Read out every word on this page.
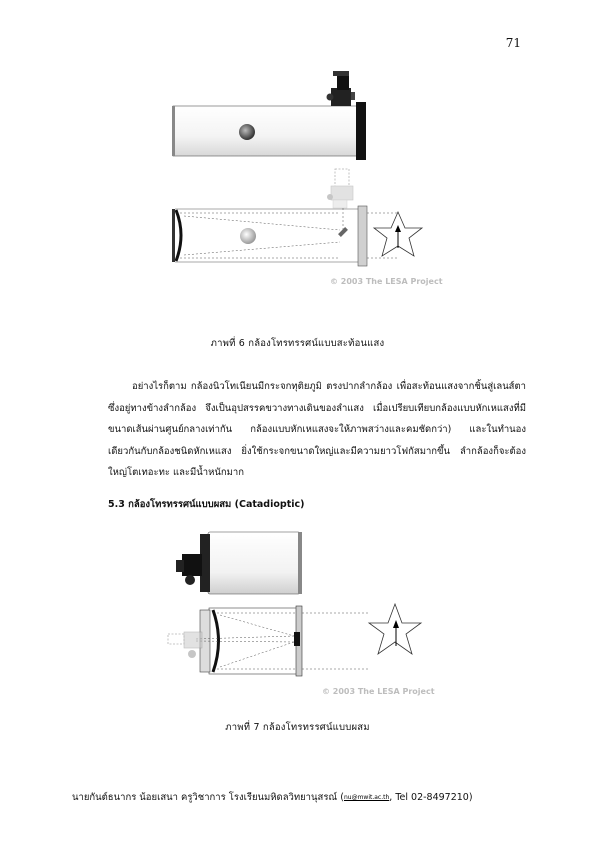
71
© 2003 The LESA Project
ภาพที่ 6 กล้องโทรทรรศน์แบบสะท้อนแสง

อย่างไรก็ตาม กล้องนิวโทเนียนมีกระจกทุติยภูมิ ตรงปากลำกล้อง เพื่อสะท้อนแสงจากชิ้นสู่เลนส์ตา ซึ่งอยู่ทางข้างลำกล้อง จึงเป็นอุปสรรคขวางทางเดินของลำแสง เมื่อเปรียบเทียบกล้องแบบหักเหแสงที่มีขนาดเส้นผ่านศูนย์กลางเท่ากัน กล้องแบบหักเหแสงจะให้ภาพสว่างและคมชัดกว่า) และในทำนองเดียวกันกับกล้องชนิดหักเหแสง ยิ่งใช้กระจกขนาดใหญ่และมีความยาวโฟกัสมากขึ้น ลำกล้องก็จะต้องใหญ่โตเทอะทะ และมีน้ำหนักมาก

5.3 กล้องโทรทรรศน์แบบผสม (Catadioptic)
© 2003 The LESA Project
ภาพที่ 7 กล้องโทรทรรศน์แบบผสม
นายกันต์ธนากร น้อยเสนา ครูวิชาการ โรงเรียนมหิดลวิทยานุสรณ์ (nu@mwit.ac.th, Tel 02-8497210)
